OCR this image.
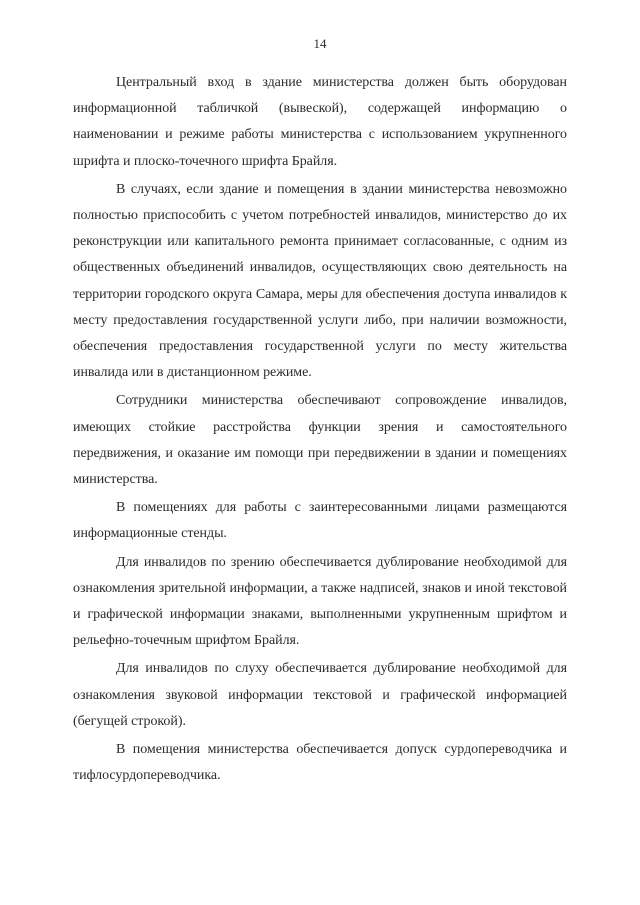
14

Центральный вход в здание министерства должен быть оборудован информационной табличкой (вывеской), содержащей информацию о наименовании и режиме работы министерства с использованием укрупненного шрифта и плоско-точечного шрифта Брайля.

В случаях, если здание и помещения в здании министерства невозможно полностью приспособить с учетом потребностей инвалидов, министерство до их реконструкции или капитального ремонта принимает согласованные, с одним из общественных объединений инвалидов, осуществляющих свою деятельность на территории городского округа Самара, меры для обеспечения доступа инвалидов к месту предоставления государственной услуги либо, при наличии возможности, обеспечения предоставления государственной услуги по месту жительства инвалида или в дистанционном режиме.

Сотрудники министерства обеспечивают сопровождение инвалидов, имеющих стойкие расстройства функции зрения и самостоятельного передвижения, и оказание им помощи при передвижении в здании и помещениях министерства.

В помещениях для работы с заинтересованными лицами размещаются информационные стенды.

Для инвалидов по зрению обеспечивается дублирование необходимой для ознакомления зрительной информации, а также надписей, знаков и иной текстовой и графической информации знаками, выполненными укрупненным шрифтом и рельефно-точечным шрифтом Брайля.

Для инвалидов по слуху обеспечивается дублирование необходимой для ознакомления звуковой информации текстовой и графической информацией (бегущей строкой).

В помещения министерства обеспечивается допуск сурдопереводчика и тифлосурдопереводчика.
